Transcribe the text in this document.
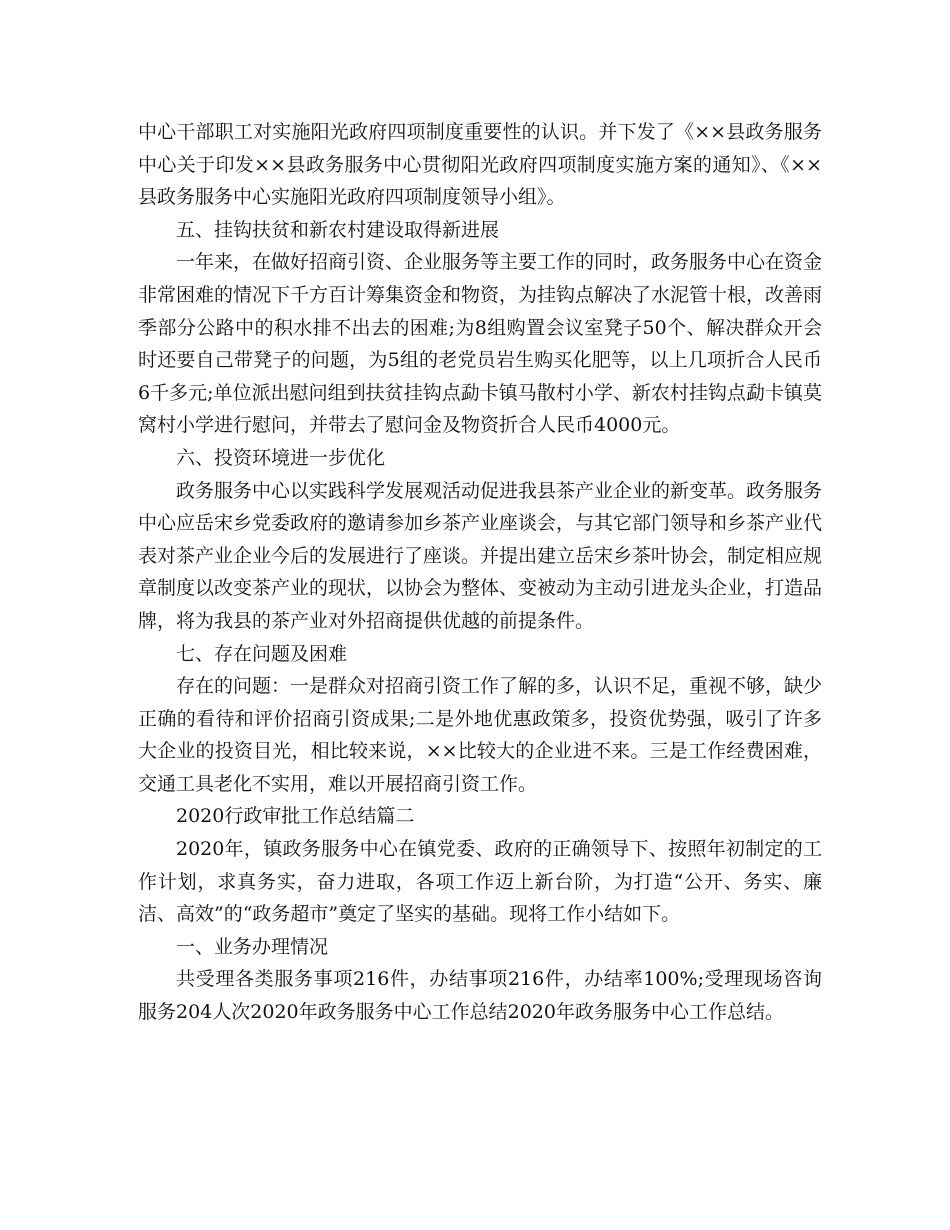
中心干部职工对实施阳光政府四项制度重要性的认识。并下发了《××县政务服务中心关于印发××县政务服务中心贯彻阳光政府四项制度实施方案的通知》、《××县政务服务中心实施阳光政府四项制度领导小组》。

五、挂钩扶贫和新农村建设取得新进展

一年来，在做好招商引资、企业服务等主要工作的同时，政务服务中心在资金非常困难的情况下千方百计筹集资金和物资，为挂钩点解决了水泥管十根，改善雨季部分公路中的积水排不出去的困难;为8组购置会议室凳子50个、解决群众开会时还要自己带凳子的问题，为5组的老党员岩生购买化肥等，以上几项折合人民币6千多元;单位派出慰问组到扶贫挂钩点勐卡镇马散村小学、新农村挂钩点勐卡镇莫窝村小学进行慰问，并带去了慰问金及物资折合人民币4000元。

六、投资环境进一步优化

政务服务中心以实践科学发展观活动促进我县茶产业企业的新变革。政务服务中心应岳宋乡党委政府的邀请参加乡茶产业座谈会，与其它部门领导和乡茶产业代表对茶产业企业今后的发展进行了座谈。并提出建立岳宋乡茶叶协会，制定相应规章制度以改变茶产业的现状，以协会为整体、变被动为主动引进龙头企业，打造品牌，将为我县的茶产业对外招商提供优越的前提条件。

七、存在问题及困难

存在的问题：一是群众对招商引资工作了解的多，认识不足，重视不够，缺少正确的看待和评价招商引资成果;二是外地优惠政策多，投资优势强，吸引了许多大企业的投资目光，相比较来说，××比较大的企业进不来。三是工作经费困难，交通工具老化不实用，难以开展招商引资工作。

2020行政审批工作总结篇二

2020年，镇政务服务中心在镇党委、政府的正确领导下、按照年初制定的工作计划，求真务实，奋力进取，各项工作迈上新台阶，为打造“公开、务实、廉洁、高效”的“政务超市”奠定了坚实的基础。现将工作小结如下。

一、业务办理情况

共受理各类服务事项216件，办结事项216件，办结率100%;受理现场咨询服务204人次2020年政务服务中心工作总结2020年政务服务中心工作总结。
